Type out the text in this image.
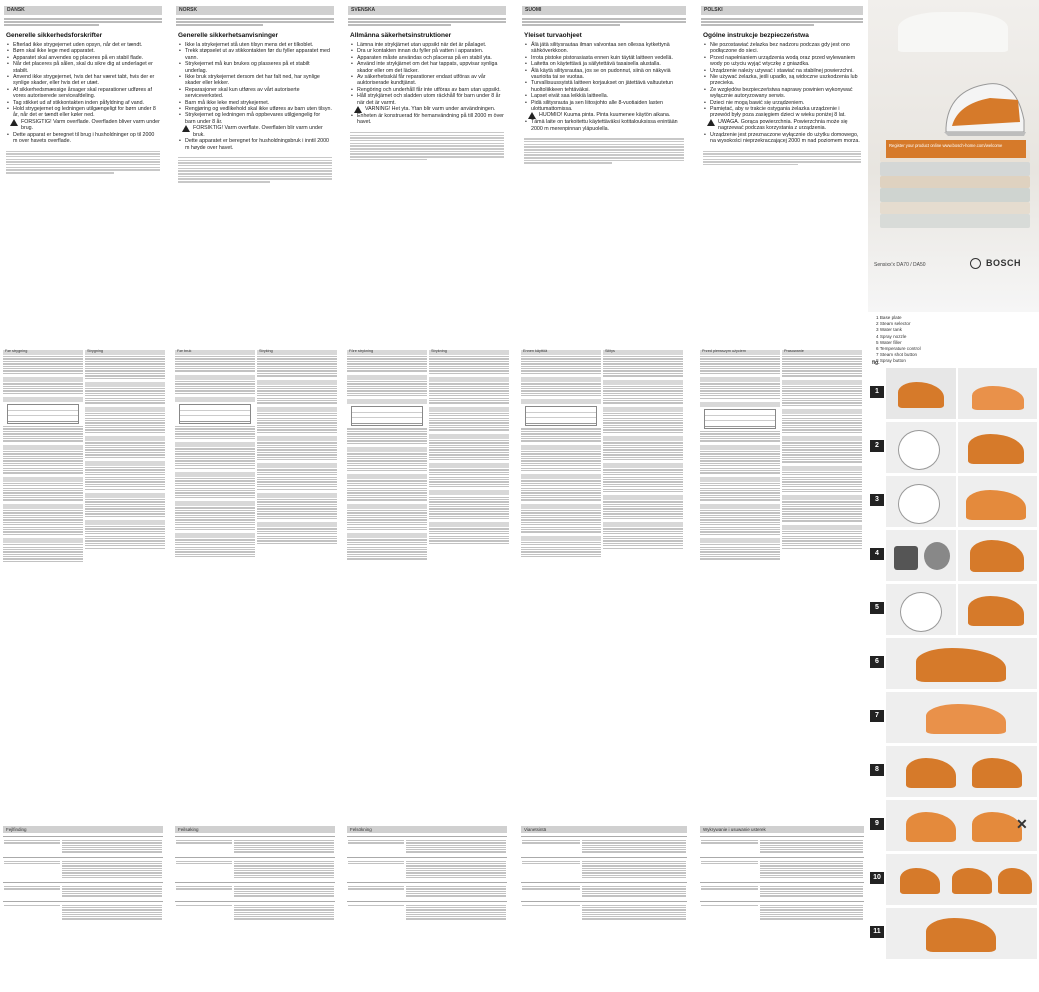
DANSK
Generelle sikkerhedsforskrifter
• Efterlad ikke strygejernet uden opsyn, når det er tændt.
• Børn skal ikke lege med apparatet.
• Apparatet skal anvendes og placeres på en stabil flade.
• Når det placeres på sålen, skal du sikre dig at underlaget er stabilt.
• Anvend ikke strygejernet, hvis det har været tabt, hvis der er synlige skader, eller hvis det er utæt.
• Af sikkerhedsmæssige årsager skal reparationer udføres af vores autoriserede serviceafdeling.
• Tag stikket ud af stikkontakten inden påfyldning af vand.
• Hold strygejernet og ledningen utilgængeligt for børn under 8 år, når det er tændt eller køler ned.
FORSIGTIG! Varm overflade. Overfladen bliver varm under brug.
• Dette apparat er beregnet til brug i husholdninger op til 2000 m over havets overflade.
Før strygning	Strygning
Fejlfinding
NORSK
Generelle sikkerhetsanvisninger
• Ikke la strykejernet stå uten tilsyn mens det er tilkoblet.
• Trekk støpselet ut av stikkontakten før du fyller apparatet med vann.
• Strykejernet må kun brukes og plasseres på et stabilt underlag.
• Ikke bruk strykejernet dersom det har falt ned, har synlige skader eller lekker.
• Reparasjoner skal kun utføres av vårt autoriserte serviceverksted.
• Barn må ikke leke med strykejernet.
• Rengjøring og vedlikehold skal ikke utføres av barn uten tilsyn.
• Strykejernet og ledningen må oppbevares utilgjengelig for barn under 8 år.
FORSIKTIG! Varm overflate. Overflaten blir varm under bruk.
• Dette apparatet er beregnet for husholdningsbruk i inntil 2000 m høyde over havet.
Før bruk	Stryking
Feilsøking
SVENSKA
Allmänna säkerhetsinstruktioner
• Lämna inte strykjärnet utan uppsikt när det är påslaget.
• Dra ur kontakten innan du fyller på vatten i apparaten.
• Apparaten måste användas och placeras på en stabil yta.
• Använd inte strykjärnet om det har tappats, uppvisar synliga skador eller om det läcker.
• Av säkerhetsskäl får reparationer endast utföras av vår auktoriserade kundtjänst.
• Rengöring och underhåll får inte utföras av barn utan uppsikt.
• Håll strykjärnet och sladden utom räckhåll för barn under 8 år när det är varmt.
VARNING! Het yta. Ytan blir varm under användningen.
• Enheten är konstruerad för hemanvändning på till 2000 m över havet.
Före strykning	Strykning
Felsökning
SUOMI
Yleiset turvaohjeet
• Älä jätä silitysrautaa ilman valvontaa sen ollessa kytkettynä sähköverkkoon.
• Irrota pistoke pistorasiasta ennen kuin täytät laitteen vedellä.
• Laitetta on käytettävä ja säilytettävä tasaisella alustalla.
• Älä käytä silitysrautaa, jos se on pudonnut, siinä on näkyviä vaurioita tai se vuotaa.
• Turvallisuussyistä laitteen korjaukset on jätettävä valtuutetun huoltoliikkeen tehtäväksi.
• Lapset eivät saa leikkiä laitteella.
• Pidä silitysrauta ja sen liitosjohto alle 8-vuotiaiden lasten ulottumattomissa.
HUOMIO! Kuuma pinta. Pinta kuumenee käytön aikana.
• Tämä laite on tarkoitettu käytettäväksi kotitalouksissa enintään 2000 m merenpinnan yläpuolella.
Ennen käyttöä	Silitys
Vianetsintä
POLSKI
Ogólne instrukcje bezpieczeństwa
• Nie pozostawiać żelazka bez nadzoru podczas gdy jest ono podłączone do sieci.
• Przed napełnianiem urządzenia wodą oraz przed wylewaniem wody po użyciu wyjąć wtyczkę z gniazdka.
• Urządzenie należy używać i stawiać na stabilnej powierzchni.
• Nie używać żelazka, jeśli upadło, są widoczne uszkodzenia lub przecieka.
• Ze względów bezpieczeństwa naprawy powinien wykonywać wyłącznie autoryzowany serwis.
• Dzieci nie mogą bawić się urządzeniem.
• Pamiętać, aby w trakcie ostygania żelazka urządzenie i przewód były poza zasięgiem dzieci w wieku poniżej 8 lat.
UWAGA. Gorąca powierzchnia. Powierzchnia może się nagrzewać podczas korzystania z urządzenia.
• Urządzenie jest przeznaczone wyłącznie do użytku domowego, na wysokości nieprzekraczającej 2000 m nad poziomem morza.
Przed pierwszym użyciem	Prasowanie
Wykrywanie i usuwanie usterek
Register your product online www.bosch-home.com/welcome
Sensixx'x DA70 / DA50	BOSCH
1 Base plate
2 Steam selector
3 Water tank
4 Spray nozzle
5 Water filler
6 Temperature control
7 Steam shot button
8 Spray button
fig.
1
2
3
4
5
6
7
8
9	✕
10
11
